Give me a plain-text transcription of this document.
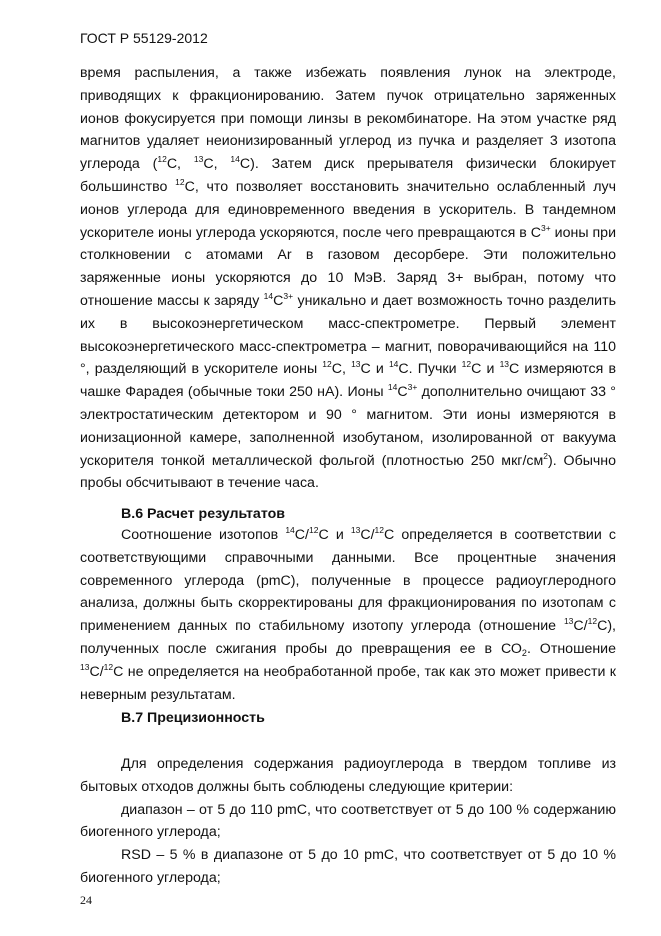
ГОСТ Р 55129-2012

время распыления, а также избежать появления лунок на электроде, приводящих к фракционированию. Затем пучок отрицательно заряженных ионов фокусируется при помощи линзы в рекомбинаторе. На этом участке ряд магнитов удаляет неионизированный углерод из пучка и разделяет 3 изотопа углерода ($^{12}$С, $^{13}$С, $^{14}$С). Затем диск прерывателя физически блокирует большинство $^{12}$С, что позволяет восстановить значительно ослабленный луч ионов углерода для единовременного введения в ускоритель. В тандемном ускорителе ионы углерода ускоряются, после чего превращаются в $С^{3+}$ ионы при столкновении с атомами Ar в газовом десорбере. Эти положительно заряженные ионы ускоряются до 10 МэВ. Заряд 3+ выбран, потому что отношение массы к заряду $^{14}С^{3+}$ уникально и дает возможность точно разделить их в высокоэнергетическом масс-спектрометре. Первый элемент высокоэнергетического масс-спектрометра – магнит, поворачивающийся на 110 °, разделяющий в ускорителе ионы $^{12}$С, $^{13}$С и $^{14}$С. Пучки $^{12}$С и $^{13}$С измеряются в чашке Фарадея (обычные токи 250 нА). Ионы $^{14}С^{3+}$ дополнительно очищают 33 ° электростатическим детектором и 90 ° магнитом. Эти ионы измеряются в ионизационной камере, заполненной изобутаном, изолированной от вакуума ускорителя тонкой металлической фольгой (плотностью 250 мкг/$см^2$). Обычно пробы обсчитывают в течение часа.

В.6 Расчет результатов

Соотношение изотопов $^{14}$С/$^{12}$С и $^{13}$С/$^{12}$С определяется в соответствии с соответствующими справочными данными. Все процентные значения современного углерода (pmC), полученные в процессе радиоуглеродного анализа, должны быть скорректированы для фракционирования по изотопам с применением данных по стабильному изотопу углерода (отношение $^{13}$С/$^{12}$С), полученных после сжигания пробы до превращения ее в $СО_2$. Отношение $^{13}$С/$^{12}$С не определяется на необработанной пробе, так как это может привести к неверным результатам.

В.7 Прецизионность

Для определения содержания радиоуглерода в твердом топливе из бытовых отходов должны быть соблюдены следующие критерии:

диапазон – от 5 до 110 pmC, что соответствует от 5 до 100 % содержанию биогенного углерода;

RSD – 5 % в диапазоне от 5 до 10 pmC, что соответствует от 5 до 10 % биогенного углерода;

24
